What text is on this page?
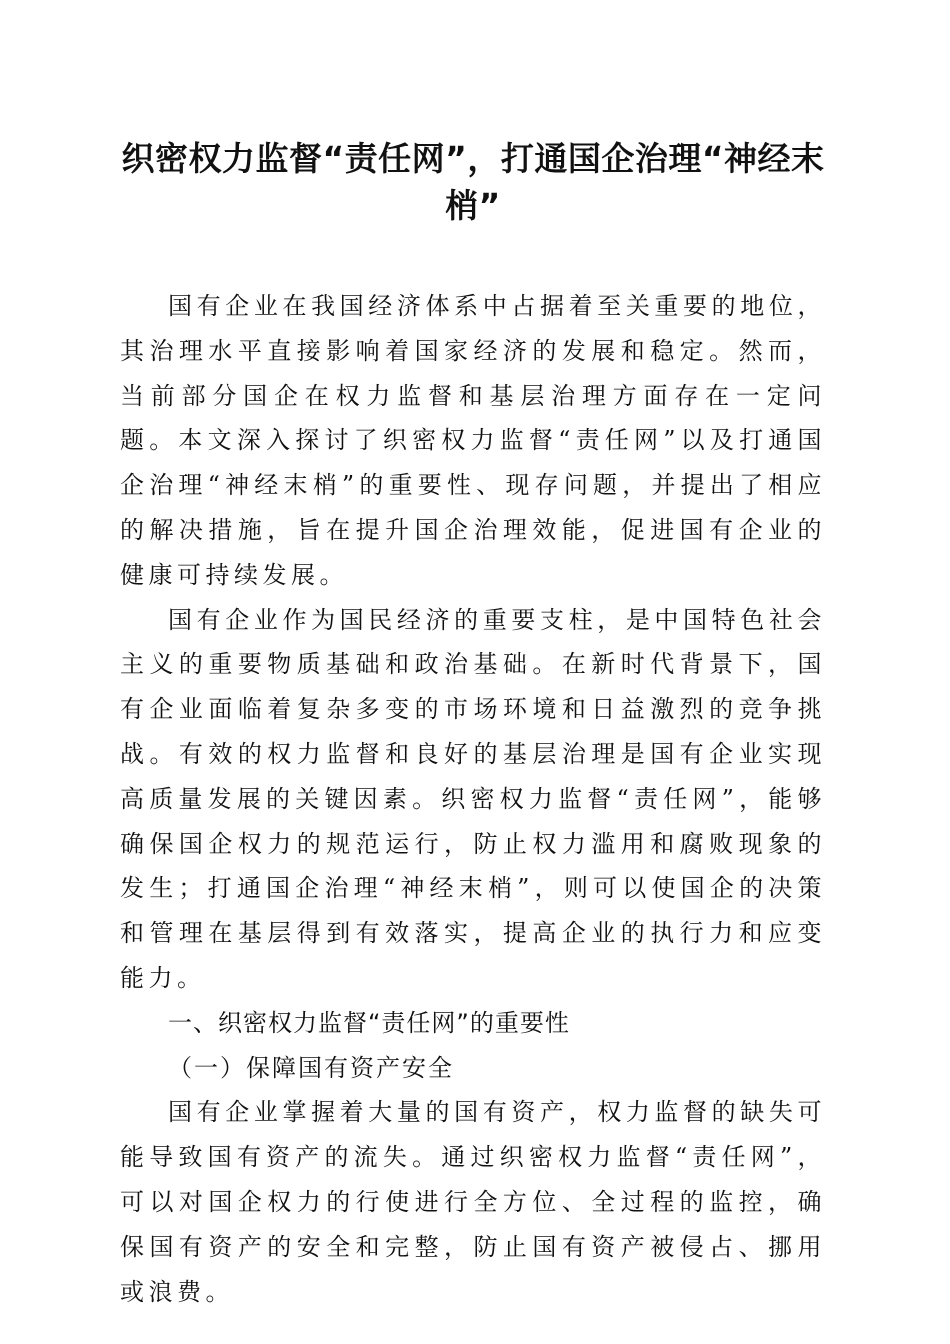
织密权力监督“责任网”，打通国企治理“神经末梢”

国有企业在我国经济体系中占据着至关重要的地位，其治理水平直接影响着国家经济的发展和稳定。然而，当前部分国企在权力监督和基层治理方面存在一定问题。本文深入探讨了织密权力监督“责任网”以及打通国企治理“神经末梢”的重要性、现存问题，并提出了相应的解决措施，旨在提升国企治理效能，促进国有企业的健康可持续发展。

国有企业作为国民经济的重要支柱，是中国特色社会主义的重要物质基础和政治基础。在新时代背景下，国有企业面临着复杂多变的市场环境和日益激烈的竞争挑战。有效的权力监督和良好的基层治理是国有企业实现高质量发展的关键因素。织密权力监督“责任网”，能够确保国企权力的规范运行，防止权力滥用和腐败现象的发生；打通国企治理“神经末梢”，则可以使国企的决策和管理在基层得到有效落实，提高企业的执行力和应变能力。

一、织密权力监督“责任网”的重要性

（一）保障国有资产安全

国有企业掌握着大量的国有资产，权力监督的缺失可能导致国有资产的流失。通过织密权力监督“责任网”，可以对国企权力的行使进行全方位、全过程的监控，确保国有资产的安全和完整，防止国有资产被侵占、挪用或浪费。
